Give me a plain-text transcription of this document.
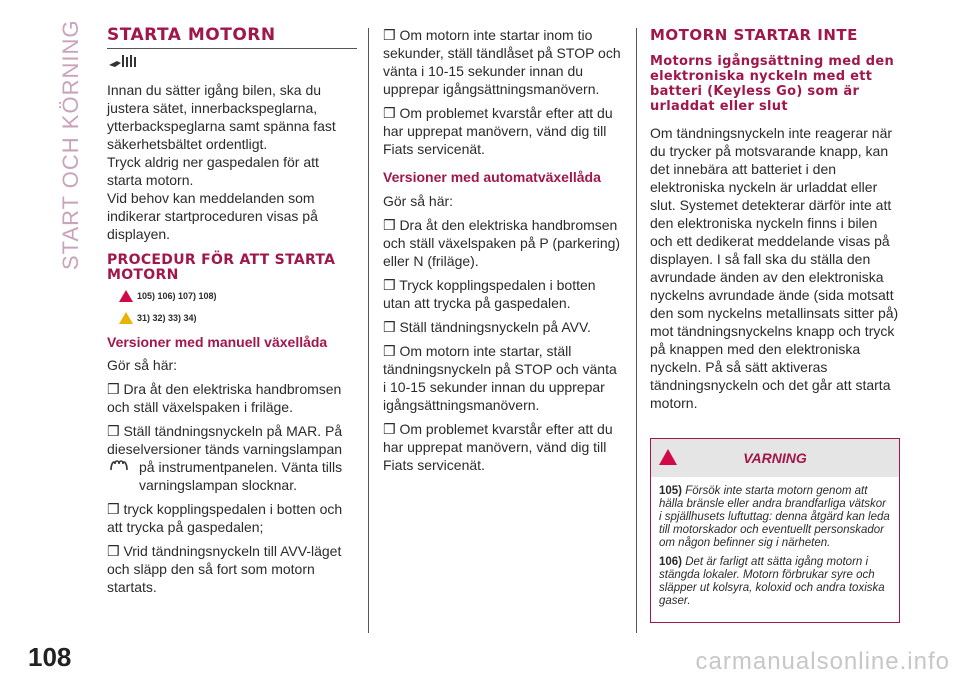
START OCH KÖRNING
108	carmanualsonline.info
STARTA MOTORN

Innan du sätter igång bilen, ska du justera sätet, innerbackspeglarna, ytterbackspeglarna samt spänna fast säkerhetsbältet ordentligt.

Tryck aldrig ner gaspedalen för att starta motorn.

Vid behov kan meddelanden som indikerar startproceduren visas på displayen.

PROCEDUR FÖR ATT STARTA MOTORN
105) 106) 107) 108)
31) 32) 33) 34)
Versioner med manuell växellåda

Gör så här:

❒ Dra åt den elektriska handbromsen och ställ växelspaken i friläge.

❒ Ställ tändningsnyckeln på MAR. På dieselversioner tänds varningslampan

på instrumentpanelen. Vänta tills varningslampan slocknar.

❒ tryck kopplingspedalen i botten och att trycka på gaspedalen;

❒ Vrid tändningsnyckeln till AVV-läget och släpp den så fort som motorn startats.

❒ Om motorn inte startar inom tio sekunder, ställ tändlåset på STOP och vänta i 10-15 sekunder innan du upprepar igångsättningsmanövern.

❒ Om problemet kvarstår efter att du har upprepat manövern, vänd dig till Fiats servicenät.

Versioner med automatväxellåda

Gör så här:

❒ Dra åt den elektriska handbromsen och ställ växelspaken på P (parkering) eller N (friläge).

❒ Tryck kopplingspedalen i botten utan att trycka på gaspedalen.

❒ Ställ tändningsnyckeln på AVV.

❒ Om motorn inte startar, ställ tändningsnyckeln på STOP och vänta i 10-15 sekunder innan du upprepar igångsättningsmanövern.

❒ Om problemet kvarstår efter att du har upprepat manövern, vänd dig till Fiats servicenät.

MOTORN STARTAR INTE
Motorns igångsättning med den elektroniska nyckeln med ett batteri (Keyless Go) som är urladdat eller slut

Om tändningsnyckeln inte reagerar när du trycker på motsvarande knapp, kan det innebära att batteriet i den elektroniska nyckeln är urladdat eller slut. Systemet detekterar därför inte att den elektroniska nyckeln finns i bilen och ett dedikerat meddelande visas på displayen. I så fall ska du ställa den avrundade änden av den elektroniska nyckelns avrundade ände (sida motsatt den som nyckelns metallinsats sitter på) mot tändningsnyckelns knapp och tryck på knappen med den elektroniska nyckeln. På så sätt aktiveras tändningsnyckeln och det går att starta motorn.

VARNING

105) Försök inte starta motorn genom att hälla bränsle eller andra brandfarliga vätskor i spjällhusets luftuttag: denna åtgärd kan leda till motorskador och eventuellt personskador om någon befinner sig i närheten.

106) Det är farligt att sätta igång motorn i stängda lokaler. Motorn förbrukar syre och släpper ut kolsyra, koloxid och andra toxiska gaser.
